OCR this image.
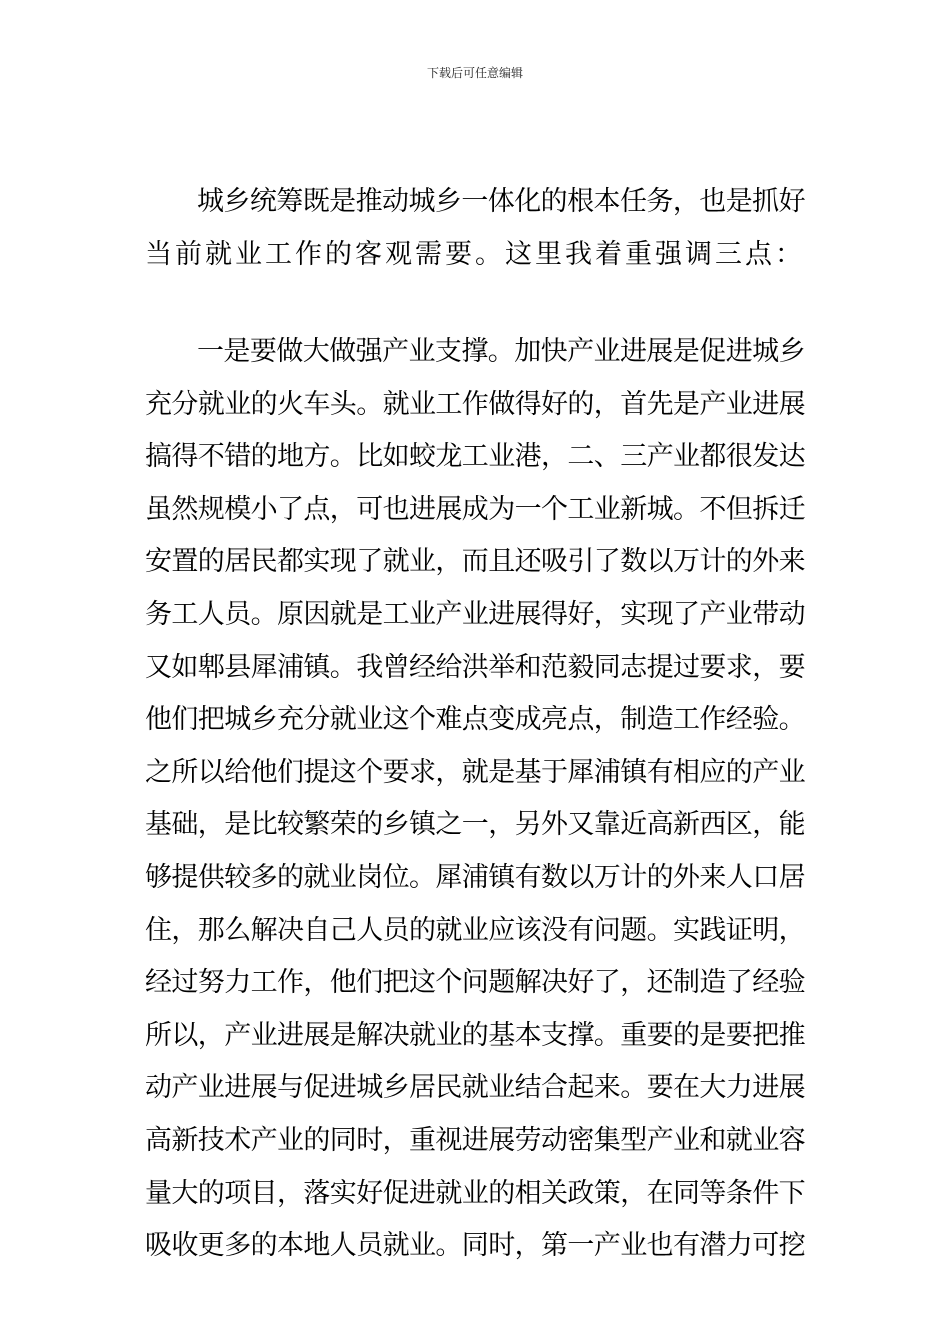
下载后可任意编辑
城乡统筹既是推动城乡一体化的根本任务，也是抓好
当前就业工作的客观需要。这里我着重强调三点：
一是要做大做强产业支撑。加快产业进展是促进城乡
充分就业的火车头。就业工作做得好的，首先是产业进展
搞得不错的地方。比如蛟龙工业港，二、三产业都很发达
虽然规模小了点，可也进展成为一个工业新城。不但拆迁
安置的居民都实现了就业，而且还吸引了数以万计的外来
务工人员。原因就是工业产业进展得好，实现了产业带动
又如郫县犀浦镇。我曾经给洪举和范毅同志提过要求，要
他们把城乡充分就业这个难点变成亮点，制造工作经验。
之所以给他们提这个要求，就是基于犀浦镇有相应的产业
基础，是比较繁荣的乡镇之一，另外又靠近高新西区，能
够提供较多的就业岗位。犀浦镇有数以万计的外来人口居
住，那么解决自己人员的就业应该没有问题。实践证明，
经过努力工作，他们把这个问题解决好了，还制造了经验
所以，产业进展是解决就业的基本支撑。重要的是要把推
动产业进展与促进城乡居民就业结合起来。要在大力进展
高新技术产业的同时，重视进展劳动密集型产业和就业容
量大的项目，落实好促进就业的相关政策，在同等条件下
吸收更多的本地人员就业。同时，第一产业也有潜力可挖
